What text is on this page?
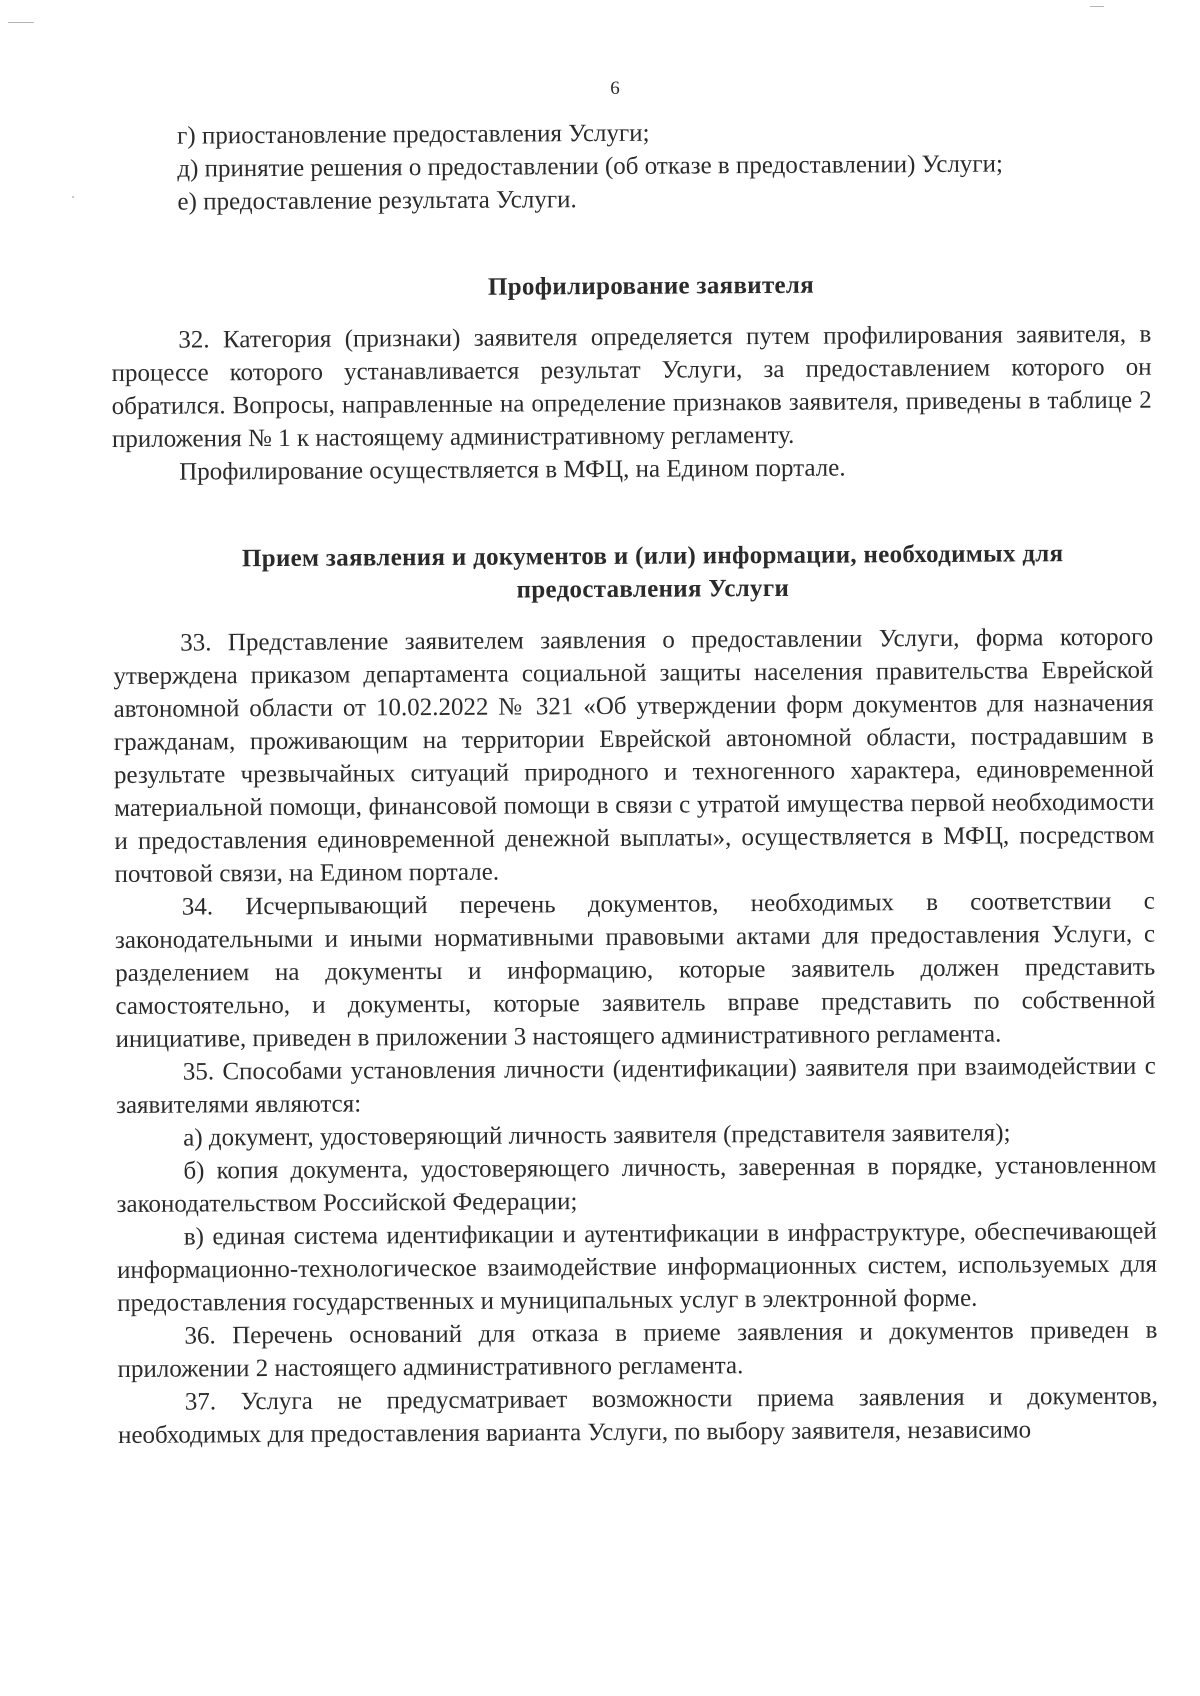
6

г) приостановление предоставления Услуги;

д) принятие решения о предоставлении (об отказе в предоставлении) Услуги;

е) предоставление результата Услуги.

Профилирование заявителя

32. Категория (признаки) заявителя определяется путем профилирования заявителя, в процессе которого устанавливается результат Услуги, за предоставлением которого он обратился. Вопросы, направленные на определение признаков заявителя, приведены в таблице 2 приложения № 1 к настоящему административному регламенту.

Профилирование осуществляется в МФЦ, на Едином портале.

Прием заявления и документов и (или) информации, необходимых для
предоставления Услуги

33. Представление заявителем заявления о предоставлении Услуги, форма которого утверждена приказом департамента социальной защиты населения правительства Еврейской автономной области от 10.02.2022 № 321 «Об утверждении форм документов для назначения гражданам, проживающим на территории Еврейской автономной области, пострадавшим в результате чрезвычайных ситуаций природного и техногенного характера, единовременной материальной помощи, финансовой помощи в связи с утратой имущества первой необходимости и предоставления единовременной денежной выплаты», осуществляется в МФЦ, посредством почтовой связи, на Едином портале.

34. Исчерпывающий перечень документов, необходимых в соответствии с законодательными и иными нормативными правовыми актами для предоставления Услуги, с разделением на документы и информацию, которые заявитель должен представить самостоятельно, и документы, которые заявитель вправе представить по собственной инициативе, приведен в приложении 3 настоящего административного регламента.

35. Способами установления личности (идентификации) заявителя при взаимодействии с заявителями являются:

а) документ, удостоверяющий личность заявителя (представителя заявителя);

б) копия документа, удостоверяющего личность, заверенная в порядке, установленном законодательством Российской Федерации;

в) единая система идентификации и аутентификации в инфраструктуре, обеспечивающей информационно-технологическое взаимодействие информационных систем, используемых для предоставления государственных и муниципальных услуг в электронной форме.

36. Перечень оснований для отказа в приеме заявления и документов приведен в приложении 2 настоящего административного регламента.

37. Услуга не предусматривает возможности приема заявления и документов, необходимых для предоставления варианта Услуги, по выбору заявителя, независимо
